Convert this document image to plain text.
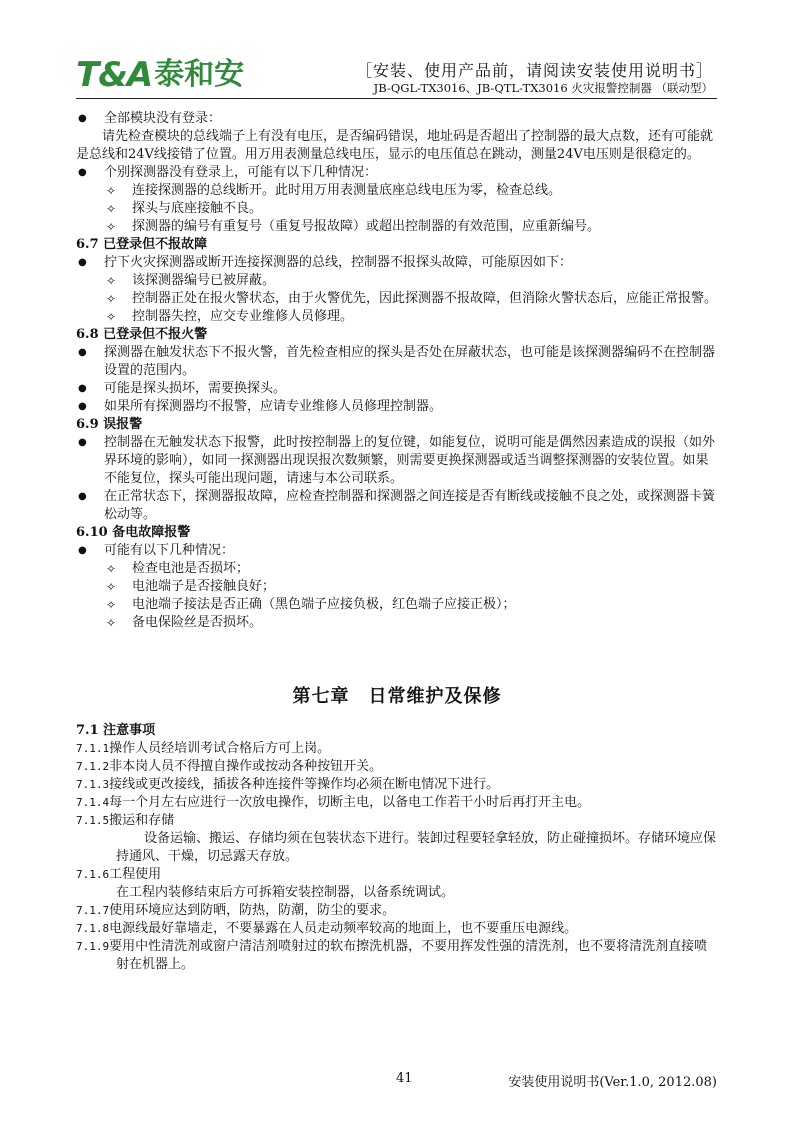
T & A 泰和安	［安装、使用产品前，请阅读安装使用说明书］
JB-QGL-TX3016、JB-QTL-TX3016 火灾报警控制器 （联动型）
● 全部模块没有登录：
请先检查模块的总线端子上有没有电压，是否编码错误，地址码是否超出了控制器的最大点数，还有可能就是总线和24V线接错了位置。用万用表测量总线电压，显示的电压值总在跳动，测量24V电压则是很稳定的。
● 个别探测器没有登录上，可能有以下几种情况：
✧ 连接探测器的总线断开。此时用万用表测量底座总线电压为零，检查总线。
✧ 探头与底座接触不良。
✧ 探测器的编号有重复号（重复号报故障）或超出控制器的有效范围，应重新编号。
6.7 已登录但不报故障
● 拧下火灾探测器或断开连接探测器的总线，控制器不报探头故障，可能原因如下：
✧ 该探测器编号已被屏蔽。
✧ 控制器正处在报火警状态，由于火警优先，因此探测器不报故障，但消除火警状态后，应能正常报警。
✧ 控制器失控，应交专业维修人员修理。
6.8 已登录但不报火警
● 探测器在触发状态下不报火警，首先检查相应的探头是否处在屏蔽状态，也可能是该探测器编码不在控制器设置的范围内。
● 可能是探头损坏，需要换探头。
● 如果所有探测器均不报警，应请专业维修人员修理控制器。
6.9 误报警
● 控制器在无触发状态下报警，此时按控制器上的复位键，如能复位，说明可能是偶然因素造成的误报（如外界环境的影响），如同一探测器出现误报次数频繁，则需要更换探测器或适当调整探测器的安装位置。如果不能复位，探头可能出现问题，请速与本公司联系。
● 在正常状态下，探测器报故障，应检查控制器和探测器之间连接是否有断线或接触不良之处，或探测器卡簧松动等。
6.10 备电故障报警
● 可能有以下几种情况：
✧ 检查电池是否损坏；
✧ 电池端子是否接触良好；
✧ 电池端子接法是否正确（黑色端子应接负极，红色端子应接正极）；
✧ 备电保险丝是否损坏。
第七章　日常维护及保修
7.1 注意事项
7.1.1操作人员经培训考试合格后方可上岗。
7.1.2非本岗人员不得擅自操作或按动各种按钮开关。
7.1.3接线或更改接线，插拔各种连接件等操作均必须在断电情况下进行。
7.1.4每一个月左右应进行一次放电操作，切断主电，以备电工作若干小时后再打开主电。
7.1.5搬运和存储
设备运输、搬运、存储均须在包装状态下进行。装卸过程要轻拿轻放，防止碰撞损坏。存储环境应保持通风、干燥，切忌露天存放。
7.1.6工程使用
在工程内装修结束后方可拆箱安装控制器，以备系统调试。
7.1.7使用环境应达到防晒，防热，防潮，防尘的要求。
7.1.8电源线最好靠墙走，不要暴露在人员走动频率较高的地面上，也不要重压电源线。
7.1.9要用中性清洗剂或窗户清洁剂喷射过的软布擦洗机器，不要用挥发性强的清洗剂，也不要将清洗剂直接喷射在机器上。
41	安装使用说明书(Ver.1.0, 2012.08)
